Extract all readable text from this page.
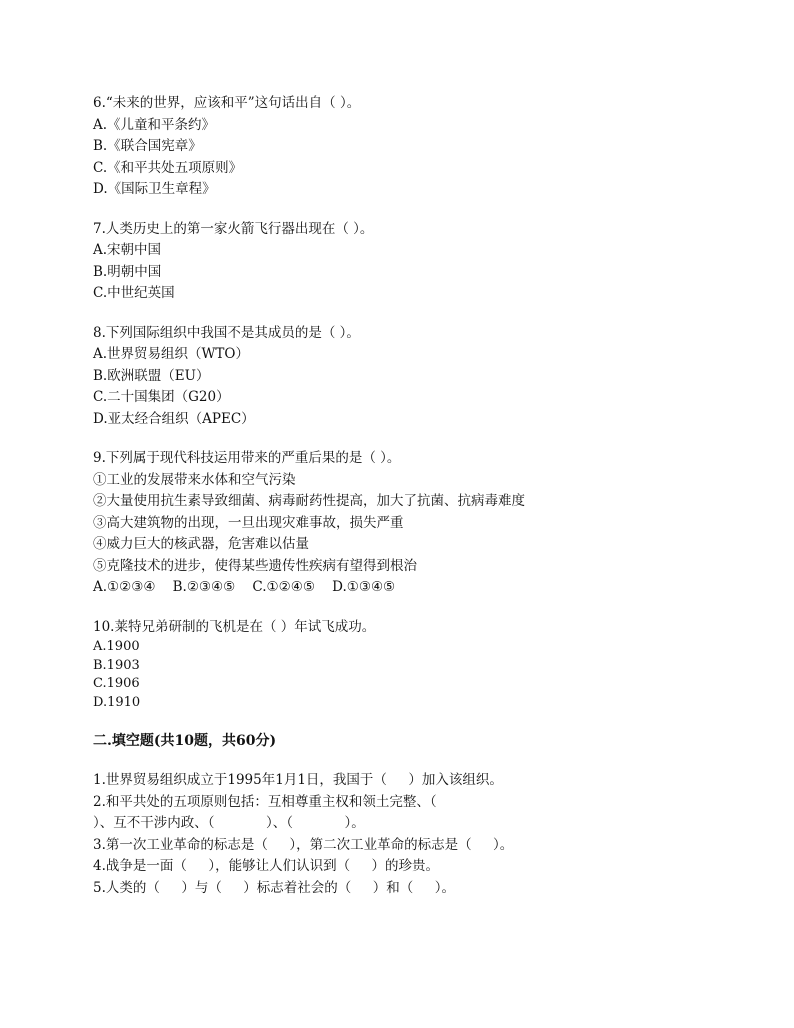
6.“未来的世界，应该和平”这句话出自（ ）。
A.《儿童和平条约》
B.《联合国宪章》
C.《和平共处五项原则》
D.《国际卫生章程》
7.人类历史上的第一家火箭飞行器出现在（ ）。
A.宋朝中国
B.明朝中国
C.中世纪英国
8.下列国际组织中我国不是其成员的是（ ）。
A.世界贸易组织（WTO）
B.欧洲联盟（EU）
C.二十国集团（G20）
D.亚太经合组织（APEC）
9.下列属于现代科技运用带来的严重后果的是（ ）。
①工业的发展带来水体和空气污染
②大量使用抗生素导致细菌、病毒耐药性提高，加大了抗菌、抗病毒难度
③高大建筑物的出现，一旦出现灾难事故，损失严重
④威力巨大的核武器，危害难以估量
⑤克隆技术的进步，使得某些遗传性疾病有望得到根治
A.①②③④    B.②③④⑤    C.①②④⑤    D.①③④⑤
10.莱特兄弟研制的飞机是在（ ）年试飞成功。
A.1900
B.1903
C.1906
D.1910
二.填空题(共10题，共60分)
1.世界贸易组织成立于1995年1月1日，我国于（     ）加入该组织。
2.和平共处的五项原则包括：互相尊重主权和领土完整、（
）、互不干涉内政、（            ）、（            ）。
3.第一次工业革命的标志是（     ），第二次工业革命的标志是（     ）。
4.战争是一面（     ），能够让人们认识到（     ）的珍贵。
5.人类的（     ）与（     ）标志着社会的（     ）和（     ）。
